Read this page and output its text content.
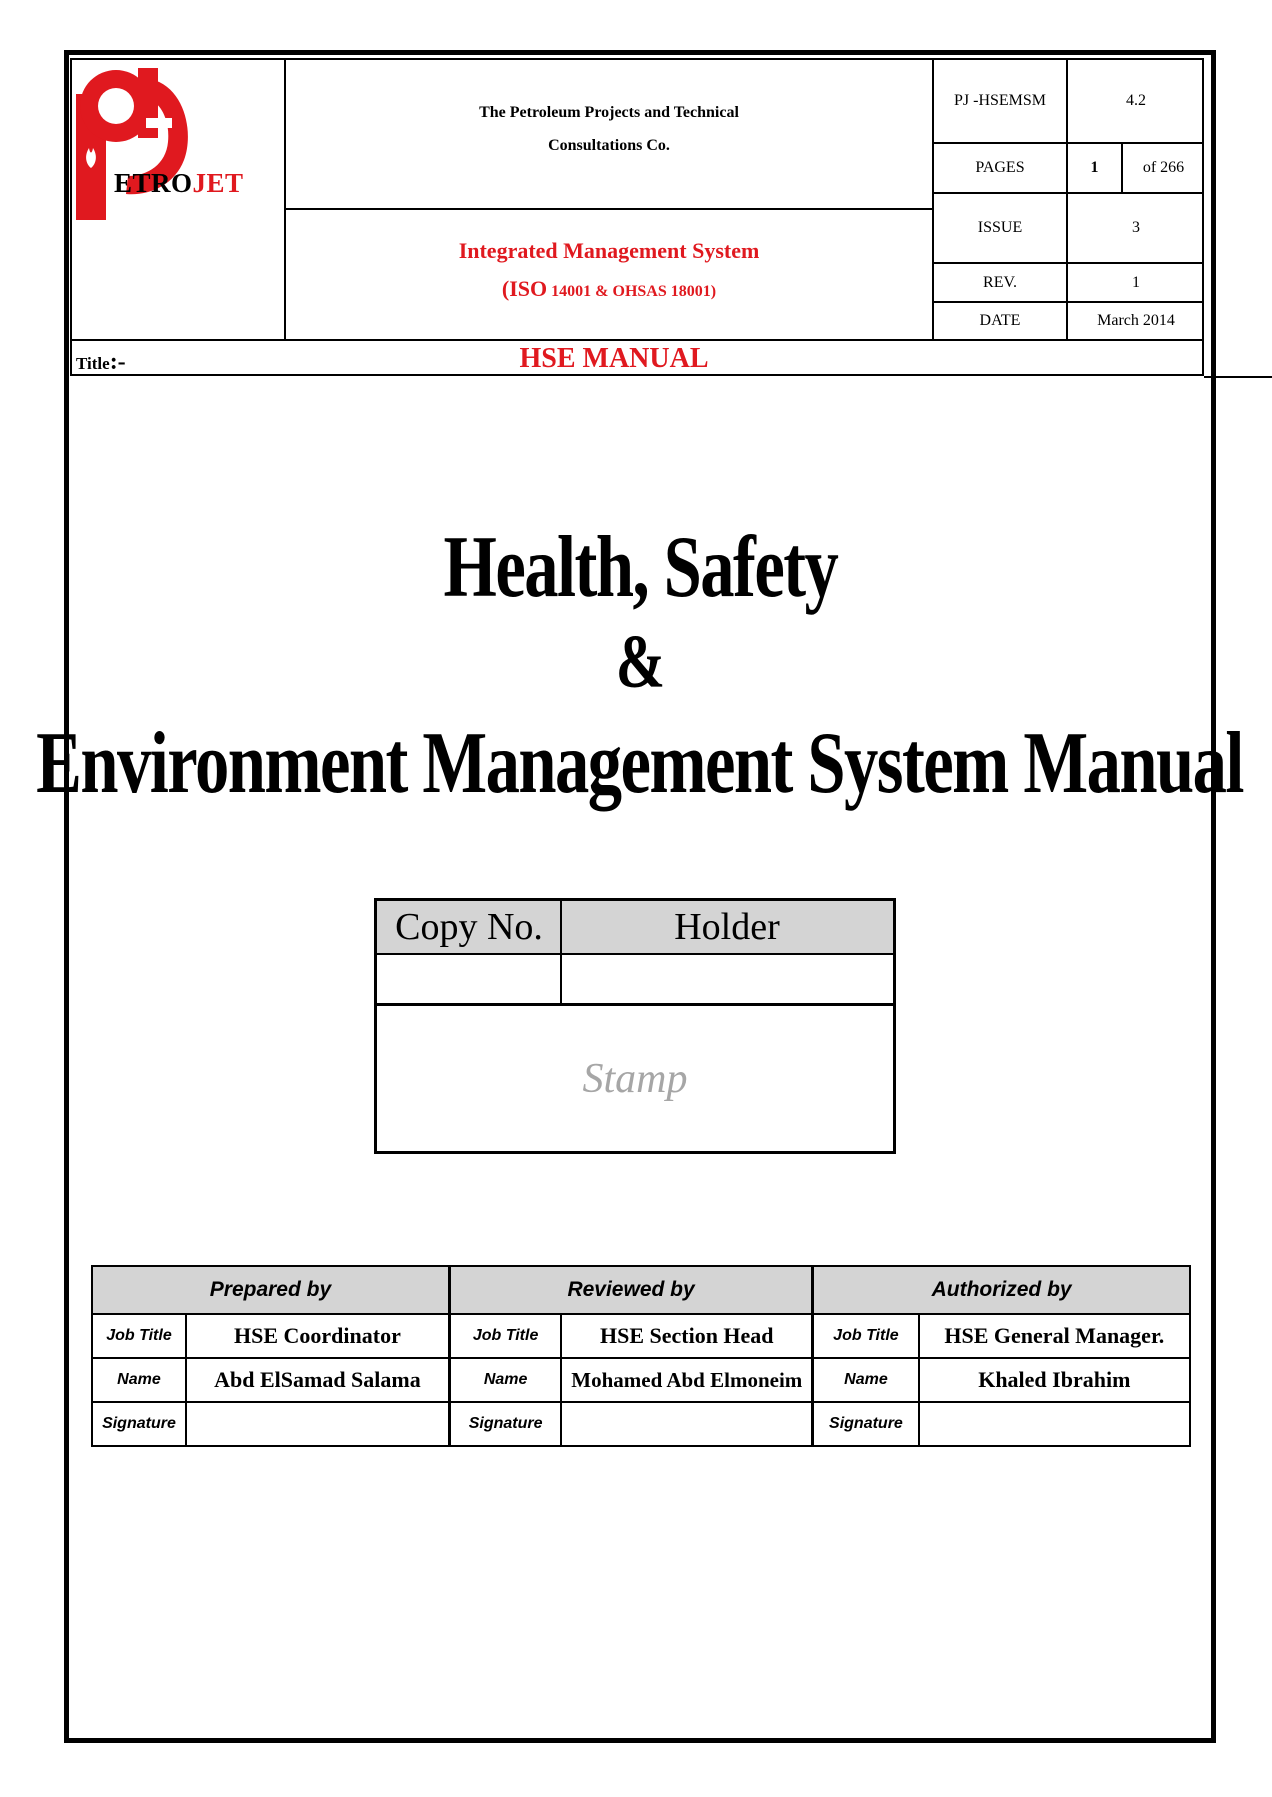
ETROJET
The Petroleum Projects and Technical
Consultations Co.
Integrated Management System
(ISO 14001 & OHSAS 18001)
PJ -HSEMSM	4.2
PAGES	1	of 266
ISSUE	3
REV.	1
DATE	March 2014
Title:-	HSE MANUAL
Health, Safety
&
Environment Management System Manual
Copy No.	Holder
Stamp
Prepared by		Reviewed by		Authorized by	
Job Title	HSE Coordinator	Job Title	HSE Section Head	Job Title	HSE General Manager.
Name	Abd ElSamad Salama	Name	Mohamed Abd Elmoneim	Name	Khaled Ibrahim
Signature		Signature		Signature	
